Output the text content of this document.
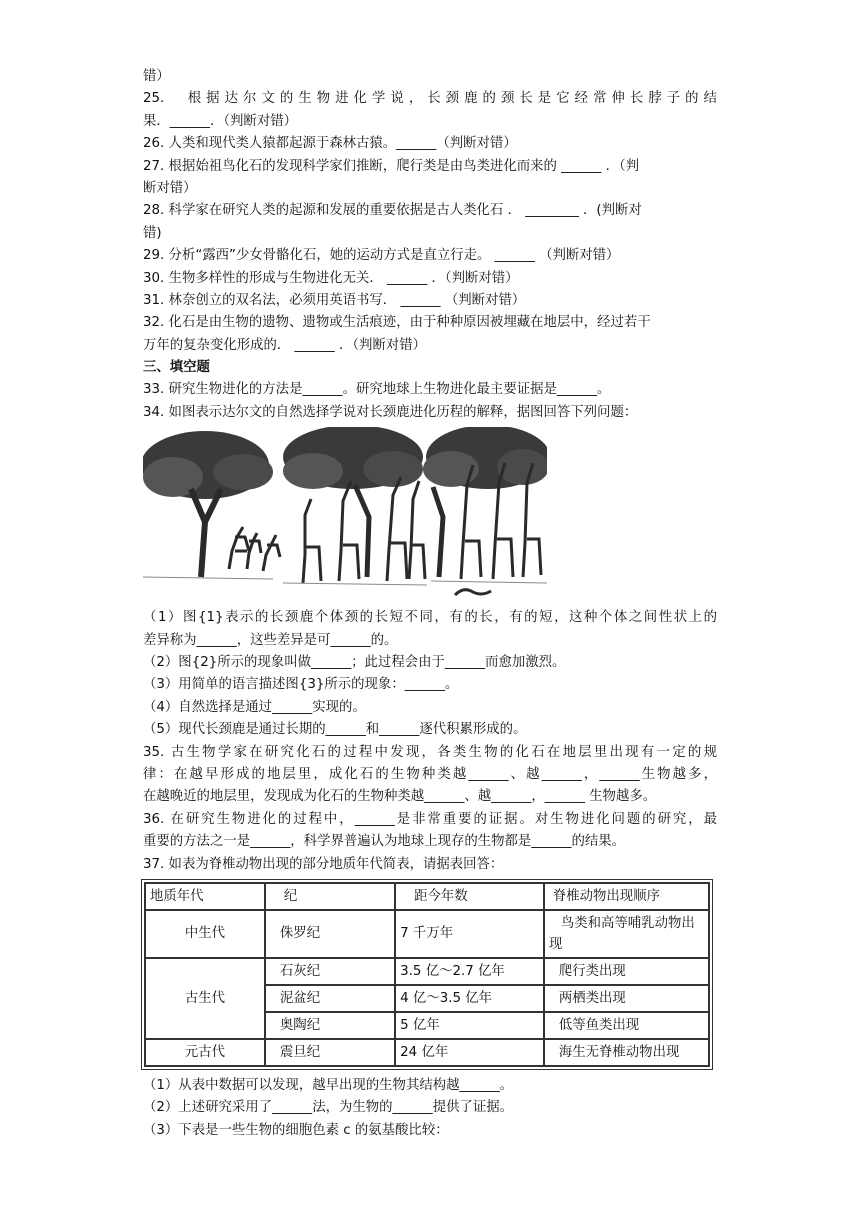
错）
25.　根据达尔文的生物进化学说，长颈鹿的颈长是它经常伸长脖子的结
果．______．（判断对错）
26. 人类和现代类人猿都起源于森林古猿。______（判断对错）
27. 根据始祖鸟化石的发现科学家们推断，爬行类是由鸟类进化而来的 ______ ．（判
断对错）
28. 科学家在研究人类的起源和发展的重要依据是古人类化石 ． ________ ．(判断对
错)
29. 分析“露西”少女骨骼化石，她的运动方式是直立行走。 ______ （判断对错）
30. 生物多样性的形成与生物进化无关． ______ ．（判断对错）
31. 林奈创立的双名法，必须用英语书写． ______ （判断对错）
32. 化石是由生物的遗物、遗物或生活痕迹，由于种种原因被埋藏在地层中，经过若干
万年的复杂变化形成的． ______ ．（判断对错）
三、填空题
33. 研究生物进化的方法是______。研究地球上生物进化最主要证据是______。
34. 如图表示达尔文的自然选择学说对长颈鹿进化历程的解释，据图回答下列问题：
（1）图{1}表示的长颈鹿个体颈的长短不同，有的长，有的短，这种个体之间性状上的
差异称为______，这些差异是可______的。
（2）图{2}所示的现象叫做______；此过程会由于______而愈加激烈。
（3）用简单的语言描述图{3}所示的现象：______。
（4）自然选择是通过______实现的。
（5）现代长颈鹿是通过长期的______和______逐代积累形成的。
35. 古生物学家在研究化石的过程中发现，各类生物的化石在地层里出现有一定的规
律：在越早形成的地层里，成化石的生物种类越______、越______，______生物越多，
在越晚近的地层里，发现成为化石的生物种类越______、越______，______ 生物越多。
36. 在研究生物进化的过程中，______是非常重要的证据。对生物进化问题的研究，最
重要的方法之一是______，科学界普遍认为地球上现存的生物都是______的结果。
37. 如表为脊椎动物出现的部分地质年代简表，请据表回答：
地质年代	纪	距今年数	脊椎动物出现顺序
中生代	侏罗纪	7 千万年	鸟类和高等哺乳动物出现
古生代	石灰纪	3.5 亿～2.7 亿年	爬行类出现
	泥盆纪	4 亿～3.5 亿年	两栖类出现
	奥陶纪	5 亿年	低等鱼类出现
元古代	震旦纪	24 亿年	海生无脊椎动物出现
（1）从表中数据可以发现，越早出现的生物其结构越______。
（2）上述研究采用了______法，为生物的______提供了证据。
（3）下表是一些生物的细胞色素 c 的氨基酸比较：
